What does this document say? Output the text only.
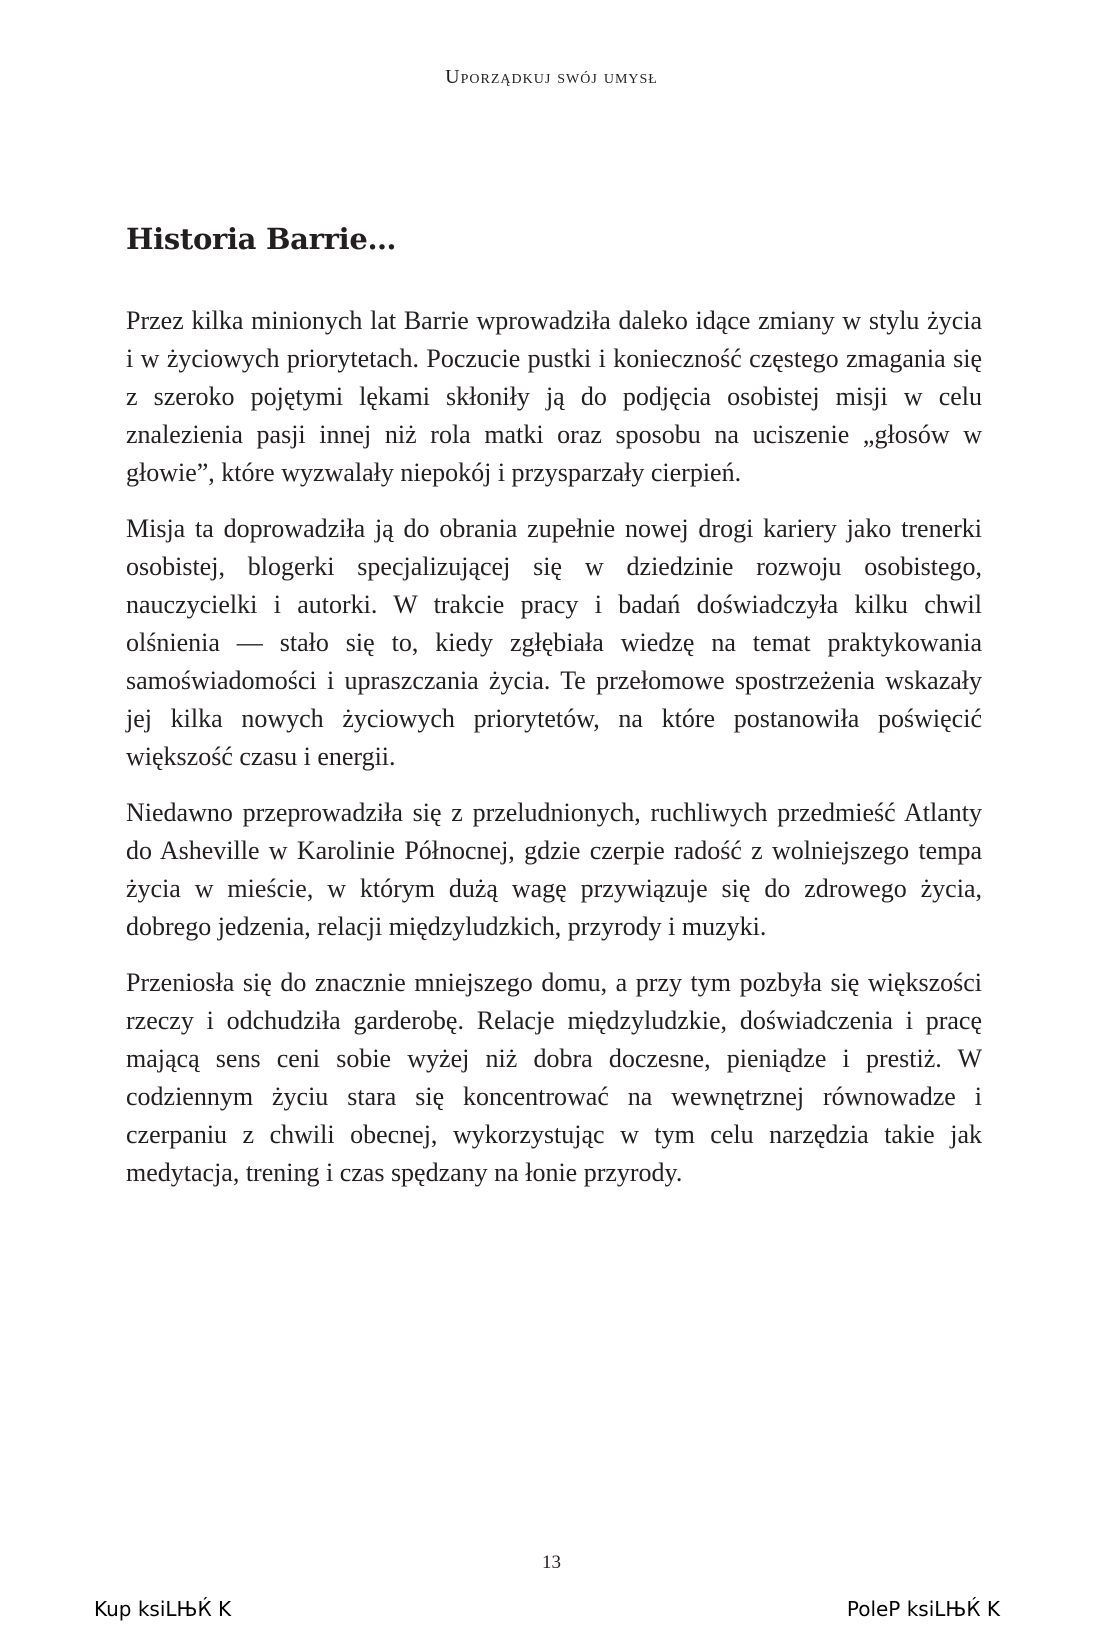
Uporządkuj swój umysł
Historia Barrie…

Przez kilka minionych lat Barrie wprowadziła daleko idące zmiany w stylu życia i w życiowych priorytetach. Poczucie pustki i konieczność częstego zmagania się z szeroko pojętymi lękami skłoniły ją do podjęcia osobistej misji w celu znalezienia pasji innej niż rola matki oraz sposobu na uciszenie „głosów w głowie”, które wyzwalały niepokój i przysparzały cierpień.

Misja ta doprowadziła ją do obrania zupełnie nowej drogi kariery jako trenerki osobistej, blogerki specjalizującej się w dziedzinie rozwoju osobistego, nauczycielki i autorki. W trakcie pracy i badań doświadczyła kilku chwil olśnienia — stało się to, kiedy zgłębiała wiedzę na temat praktykowania samoświadomości i upraszczania życia. Te przełomowe spostrzeżenia wskazały jej kilka nowych życiowych priorytetów, na które postanowiła poświęcić większość czasu i energii.

Niedawno przeprowadziła się z przeludnionych, ruchliwych przedmieść Atlanty do Asheville w Karolinie Północnej, gdzie czerpie radość z wolniejszego tempa życia w mieście, w którym dużą wagę przywiązuje się do zdrowego życia, dobrego jedzenia, relacji międzyludzkich, przyrody i muzyki.

Przeniosła się do znacznie mniejszego domu, a przy tym pozbyła się większości rzeczy i odchudziła garderobę. Relacje międzyludzkie, doświadczenia i pracę mającą sens ceni sobie wyżej niż dobra doczesne, pieniądze i prestiż. W codziennym życiu stara się koncentrować na wewnętrznej równowadze i czerpaniu z chwili obecnej, wykorzystując w tym celu narzędzia takie jak medytacja, trening i czas spędzany na łonie przyrody.

13
Kup ksiLЊЌ K	PoleP ksiLЊЌ K
